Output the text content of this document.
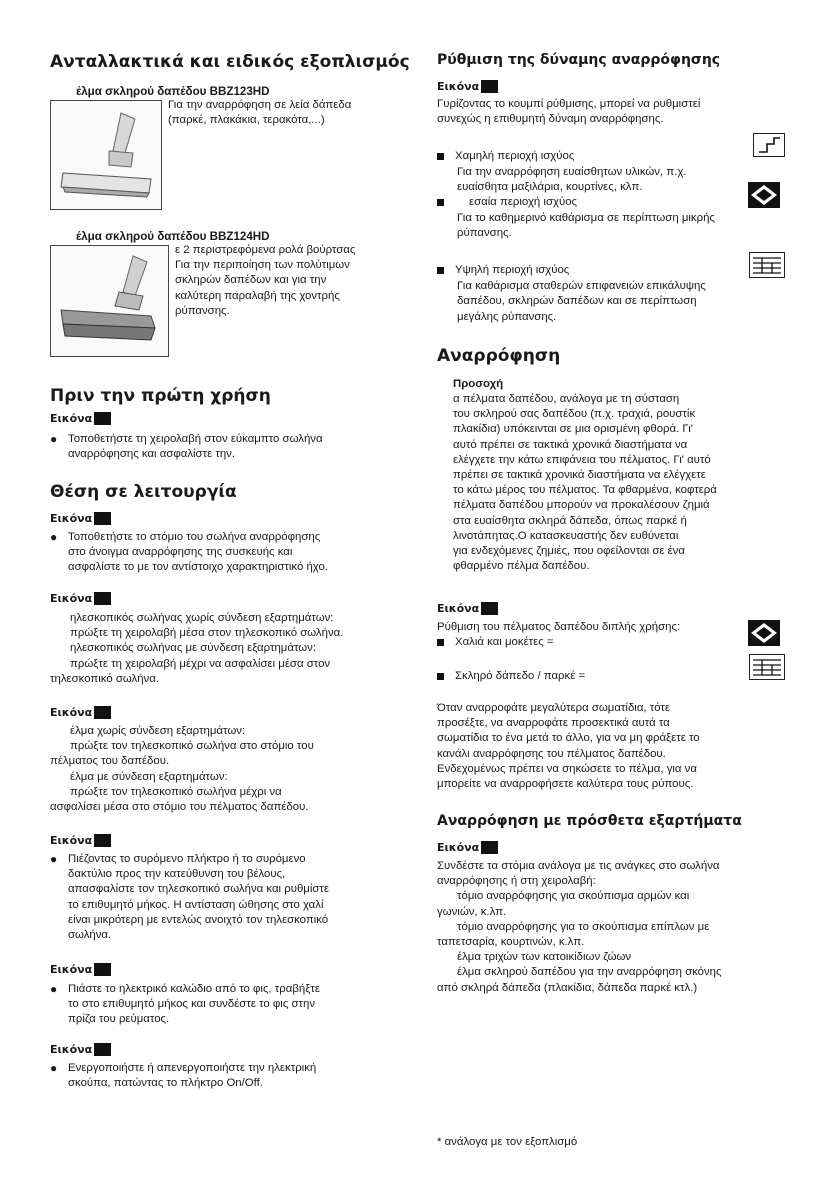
Ανταλλακτικά και ειδικός εξοπλισμός
έλμα σκληρού δαπέδου BBZ123HD

Για την αναρρόφηση σε λεία δάπεδα

(παρκέ, πλακάκια, τερακότα,...)

έλμα σκληρού δαπέδου BBZ124HD

ε 2 περιστρεφόμενα ρολά βούρτσας

Για την περιποίηση των πολύτιμων

σκληρών δαπέδων και για την

καλύτερη παραλαβή της χοντρής

ρύπανσης.

Πριν την πρώτη χρήση
Εικόνα
● Τοποθετήστε τη χειρολαβή στον εύκαμπτο σωλήνα

αναρρόφησης και ασφαλίστε την.

Θέση σε λειτουργία
Εικόνα
● Τοποθετήστε το στόμιο του σωλήνα αναρρόφησης

στο άνοιγμα αναρρόφησης της συσκευής και

ασφαλίστε το με τον αντίστοιχο χαρακτηριστικό ήχο.

Εικόνα

ηλεσκοπικός σωλήνας χωρίς σύνδεση εξαρτημάτων:

πρώξτε τη χειρολαβή μέσα στον τηλεσκοπικό σωλήνα.

ηλεσκοπικός σωλήνας με σύνδεση εξαρτημάτων:

πρώξτε τη χειρολαβή μέχρι να ασφαλίσει μέσα στον

τηλεσκοπικό σωλήνα.

Εικόνα

έλμα χωρίς σύνδεση εξαρτημάτων:

πρώξτε τον τηλεσκοπικό σωλήνα στο στόμιο του

πέλματος του δαπέδου.

έλμα με σύνδεση εξαρτημάτων:

πρώξτε τον τηλεσκοπικό σωλήνα μέχρι να

ασφαλίσει μέσα στο στόμιο του πέλματος δαπέδου.

Εικόνα
● Πιέζοντας το συρόμενο πλήκτρο ή το συρόμενο

δακτύλιο προς την κατεύθυνση του βέλους,

απασφαλίστε τον τηλεσκοπικό σωλήνα και ρυθμίστε

το επιθυμητό μήκος. Η αντίσταση ώθησης στο χαλί

είναι μικρότερη με εντελώς ανοιχτό τον τηλεσκοπικό

σωλήνα.

Εικόνα
● Πιάστε το ηλεκτρικό καλώδιο από το φις, τραβήξτε

το στο επιθυμητό μήκος και συνδέστε το φις στην

πρίζα του ρεύματος.

Εικόνα
● Ενεργοποιήστε ή απενεργοποιήστε την ηλεκτρική

σκούπα, πατώντας το πλήκτρο On/Off.

Ρύθμιση της δύναμης αναρρόφησης
Εικόνα

Γυρίζοντας το κουμπί ρύθμισης, μπορεί να ρυθμιστεί

συνεχώς η επιθυμητή δύναμη αναρρόφησης.

Χαμηλή περιοχή ισχύος

Για την αναρρόφηση ευαίσθητων υλικών, π.χ.

ευαίσθητα μαξιλάρια, κουρτίνες, κλπ.

εσαία περιοχή ισχύος

Για το καθημερινό καθάρισμα σε περίπτωση μικρής

ρύπανσης.

Υψηλή περιοχή ισχύος

Για καθάρισμα σταθερών επιφανειών επικάλυψης

δαπέδου, σκληρών δαπέδων και σε περίπτωση

μεγάλης ρύπανσης.

Αναρρόφηση
Προσοχή

α πέλματα δαπέδου, ανάλογα με τη σύσταση

του σκληρού σας δαπέδου (π.χ. τραχιά, ρουστίκ

πλακίδια) υπόκεινται σε μια ορισμένη φθορά. Γι'

αυτό πρέπει σε τακτικά χρονικά διαστήματα να

ελέγχετε την κάτω επιφάνεια του πέλματος. Γι' αυτό

πρέπει σε τακτικά χρονικά διαστήματα να ελέγχετε

το κάτω μέρος του πέλματος. Τα φθαρμένα, κοφτερά

πέλματα δαπέδου μπορούν να προκαλέσουν ζημιά

στα ευαίσθητα σκληρά δάπεδα, όπως παρκέ ή

λινοτάπητας.Ο κατασκευαστής δεν ευθύνεται

για ενδεχόμενες ζημιές, που οφείλονται σε ένα

φθαρμένο πέλμα δαπέδου.

Εικόνα
Ρύθμιση του πέλματος δαπέδου διπλής χρήσης:

Χαλιά και μοκέτες =

Σκληρό δάπεδο / παρκέ =

Όταν αναρροφάτε μεγαλύτερα σωματίδια, τότε

προσέξτε, να αναρροφάτε προσεκτικά αυτά τα

σωματίδια το ένα μετά το άλλο, για να μη φράξετε το

κανάλι αναρρόφησης του πέλματος δαπέδου.

Ενδεχομένως πρέπει να σηκώσετε το πέλμα, για να

μπορείτε να αναρροφήσετε καλύτερα τους ρύπους.

Αναρρόφηση με πρόσθετα εξαρτήματα
Εικόνα

Συνδέστε τα στόμια ανάλογα με τις ανάγκες στο σωλήνα

αναρρόφησης ή στη χειρολαβή:

τόμιο αναρρόφησης για σκούπισμα αρμών και

γωνιών, κ.λπ.

τόμιο αναρρόφησης για το σκούπισμα επίπλων με

ταπετσαρία, κουρτινών, κ.λπ.

έλμα τριχών των κατοικίδιων ζώων

έλμα σκληρού δαπέδου για την αναρρόφηση σκόνης

από σκληρά δάπεδα (πλακίδια, δάπεδα παρκέ κτλ.)

* ανάλογα με τον εξοπλισμό
